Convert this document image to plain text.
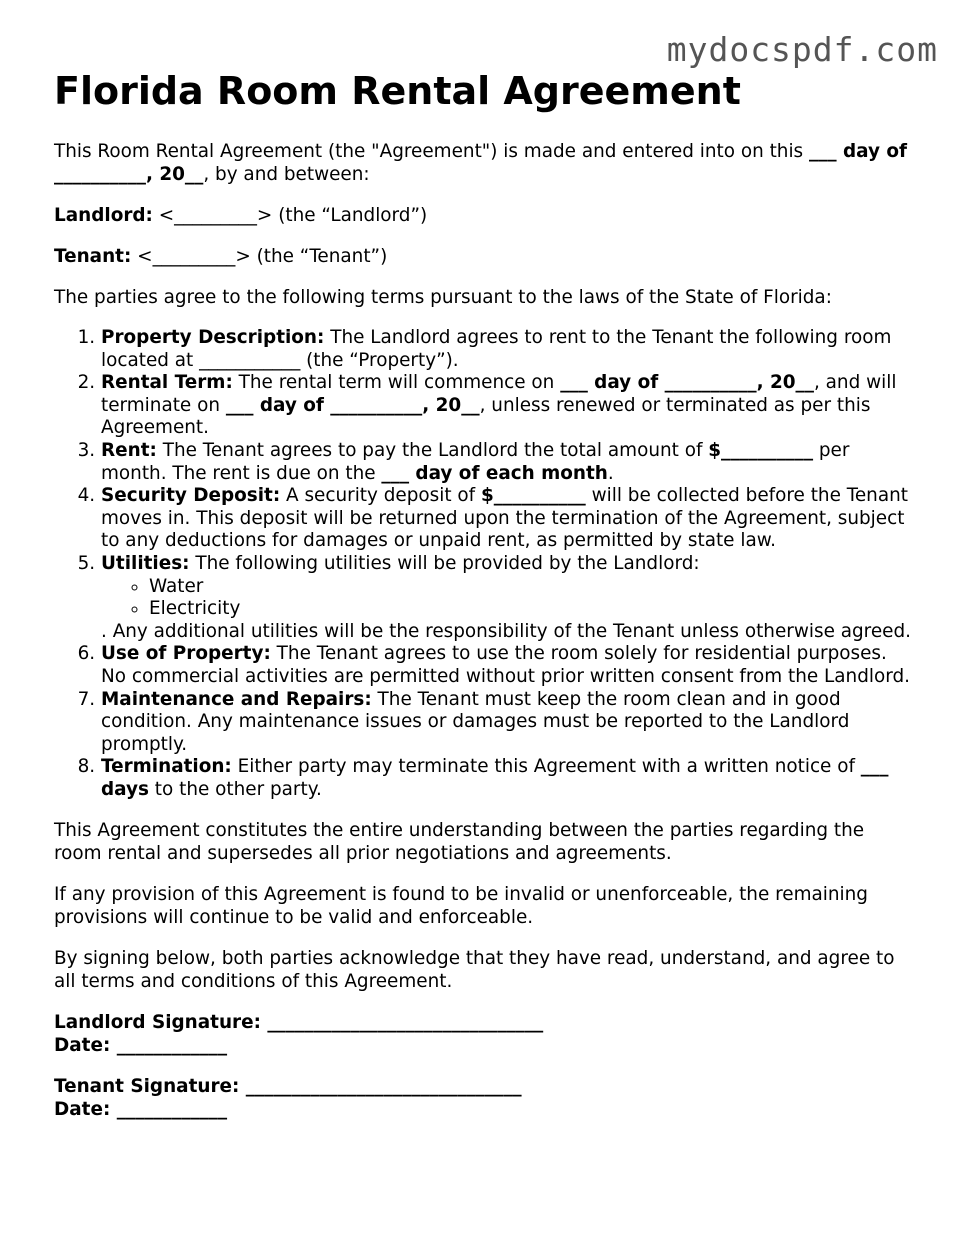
mydocspdf.com
Florida Room Rental Agreement

This Room Rental Agreement (the "Agreement") is made and entered into on this ___ day of __________, 20__, by and between:

Landlord: <_________> (the “Landlord”)

Tenant: <_________> (the “Tenant”)

The parties agree to the following terms pursuant to the laws of the State of Florida:

1. Property Description: The Landlord agrees to rent to the Tenant the following room located at ___________ (the “Property”).
2. Rental Term: The rental term will commence on ___ day of __________, 20__, and will terminate on ___ day of __________, 20__, unless renewed or terminated as per this Agreement.
3. Rent: The Tenant agrees to pay the Landlord the total amount of $__________ per month. The rent is due on the ___ day of each month.
4. Security Deposit: A security deposit of $__________ will be collected before the Tenant moves in. This deposit will be returned upon the termination of the Agreement, subject to any deductions for damages or unpaid rent, as permitted by state law.
5. Utilities: The following utilities will be provided by the Landlord:
◦ Water
◦ Electricity
. Any additional utilities will be the responsibility of the Tenant unless otherwise agreed.
6. Use of Property: The Tenant agrees to use the room solely for residential purposes. No commercial activities are permitted without prior written consent from the Landlord.
7. Maintenance and Repairs: The Tenant must keep the room clean and in good condition. Any maintenance issues or damages must be reported to the Landlord promptly.
8. Termination: Either party may terminate this Agreement with a written notice of ___ days to the other party.

This Agreement constitutes the entire understanding between the parties regarding the room rental and supersedes all prior negotiations and agreements.

If any provision of this Agreement is found to be invalid or unenforceable, the remaining provisions will continue to be valid and enforceable.

By signing below, both parties acknowledge that they have read, understand, and agree to all terms and conditions of this Agreement.

Landlord Signature: ______________________________
Date: ____________
Tenant Signature: ______________________________
Date: ____________
